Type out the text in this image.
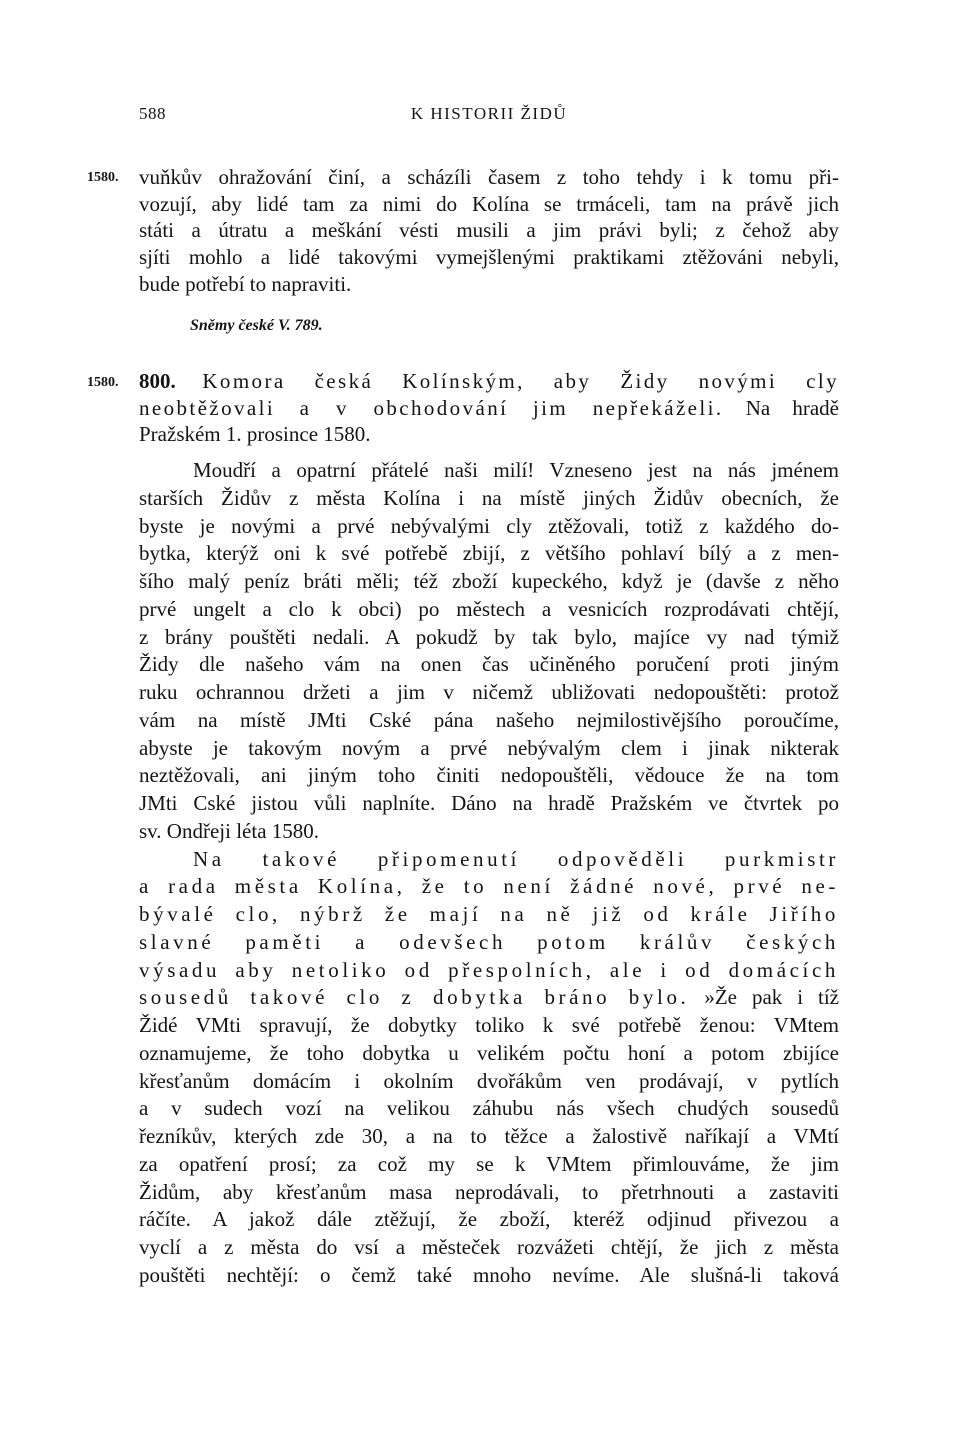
588	K HISTORII ŽIDŮ
1580. vuňkův ohražování činí, a scházíli časem z toho tehdy i k tomu při-
vozují, aby lidé tam za nimi do Kolína se trmáceli, tam na právě jich
státi a útratu a meškání vésti musili a jim právi byli; z čehož aby
sjíti mohlo a lidé takovými vymejšlenými praktikami ztěžováni nebyli,
bude potřebí to napraviti.
Sněmy české V. 789.
1580. 800. Komora česká Kolínským, aby Židy novými cly
neobtěžovali a v obchodování jim nepřekáželi. Na hradě
Pražském 1. prosince 1580.
Moudří a opatrní přátelé naši milí! Vzneseno jest na nás jménem
starších Židův z města Kolína i na místě jiných Židův obecních, že
byste je novými a prvé nebývalými cly ztěžovali, totiž z každého do-
bytka, kterýž oni k své potřebě zbijí, z většího pohlaví bílý a z men-
šího malý peníz bráti měli; též zboží kupeckého, když je (davše z něho
prvé ungelt a clo k obci) po městech a vesnicích rozprodávati chtějí,
z brány pouštěti nedali. A pokudž by tak bylo, majíce vy nad týmiž
Židy dle našeho vám na onen čas učiněného poručení proti jiným
ruku ochrannou držeti a jim v ničemž ubližovati nedopouštěti: protož
vám na místě JMti Cské pána našeho nejmilostivějšího poroučíme,
abyste je takovým novým a prvé nebývalým clem i jinak nikterak
neztěžovali, ani jiným toho činiti nedopouštěli, vědouce že na tom
JMti Cské jistou vůli naplníte. Dáno na hradě Pražském ve čtvrtek po
sv. Ondřeji léta 1580.
Na takové připomenutí odpověděli purkmistr
a rada města Kolína, že to není žádné nové, prvé ne-
bývalé clo, nýbrž že mají na ně již od krále Jiřího
slavné paměti a odevšech potom králův českých
výsadu aby netoliko od přespolních, ale i od domácích
sousedů takové clo z dobytka bráno bylo. »Že pak i tíž
Židé VMti spravují, že dobytky toliko k své potřebě ženou: VMtem
oznamujeme, že toho dobytka u velikém počtu honí a potom zbijíce
křesťanům domácím i okolním dvořákům ven prodávají, v pytlích
a v sudech vozí na velikou záhubu nás všech chudých sousedů
řezníkův, kterých zde 30, a na to těžce a žalostivě naříkají a VMtí
za opatření prosí; za což my se k VMtem přimlouváme, že jim
Židům, aby křesťanům masa neprodávali, to přetrhnouti a zastaviti
ráčíte. A jakož dále ztěžují, že zboží, kteréž odjinud přivezou a
vyclí a z města do vsí a městeček rozvážeti chtějí, že jich z města
pouštěti nechtějí: o čemž také mnoho nevíme. Ale slušná-li taková
